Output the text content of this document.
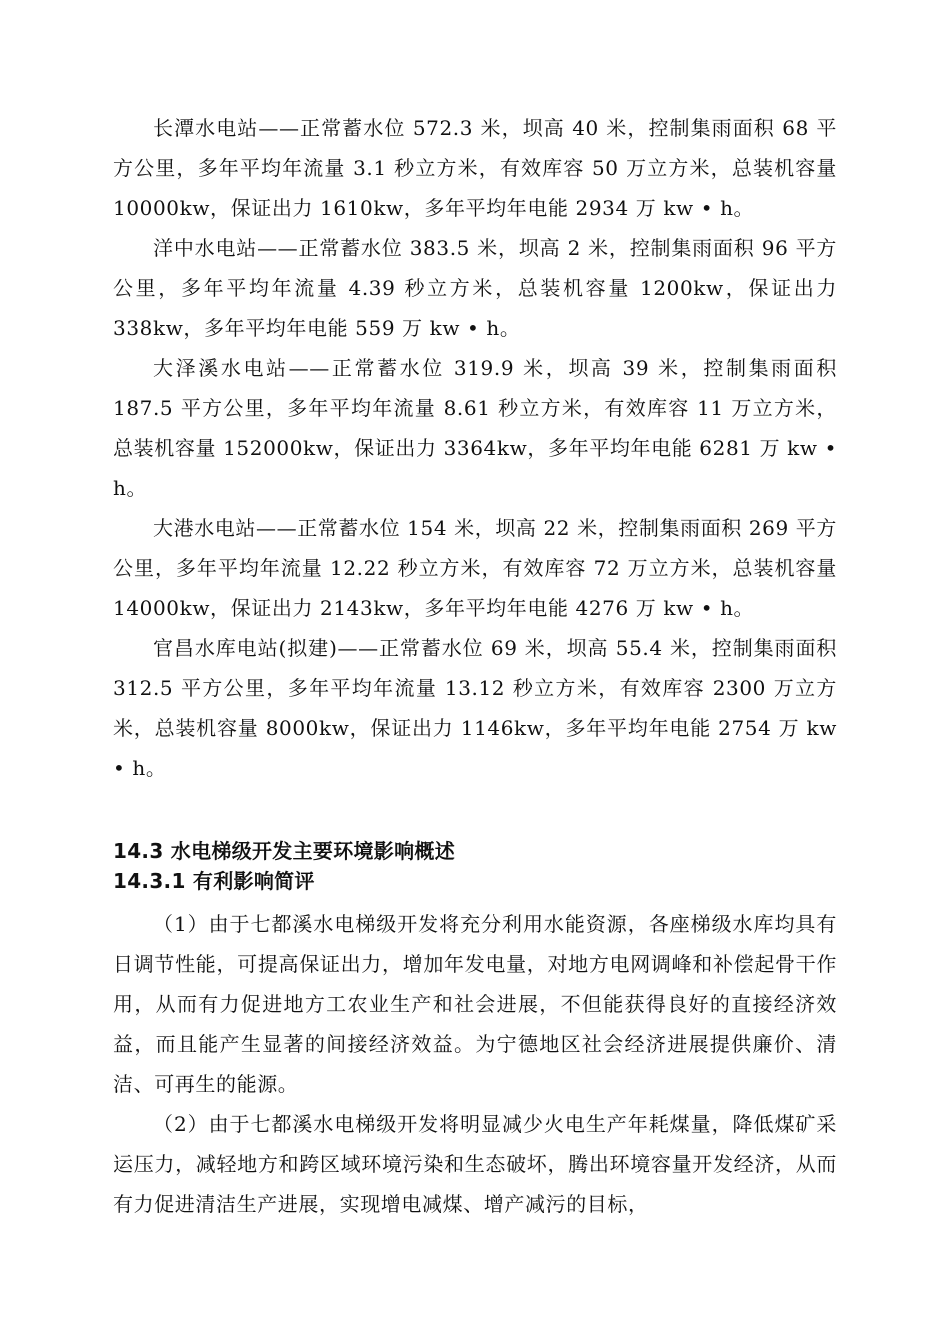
长潭水电站——正常蓄水位 572.3 米，坝高 40 米，控制集雨面积 68 平方公里，多年平均年流量 3.1 秒立方米，有效库容 50 万立方米，总装机容量 10000kw，保证出力 1610kw，多年平均年电能 2934 万 kw • h。

洋中水电站——正常蓄水位 383.5 米，坝高 2 米，控制集雨面积 96 平方公里，多年平均年流量 4.39 秒立方米，总装机容量 1200kw，保证出力 338kw，多年平均年电能 559 万 kw • h。

大泽溪水电站——正常蓄水位 319.9 米，坝高 39 米，控制集雨面积 187.5 平方公里，多年平均年流量 8.61 秒立方米，有效库容 11 万立方米，总装机容量 152000kw，保证出力 3364kw，多年平均年电能 6281 万 kw • h。

大港水电站——正常蓄水位 154 米，坝高 22 米，控制集雨面积 269 平方公里，多年平均年流量 12.22 秒立方米，有效库容 72 万立方米，总装机容量 14000kw，保证出力 2143kw，多年平均年电能 4276 万 kw • h。

官昌水库电站(拟建)——正常蓄水位 69 米，坝高 55.4 米，控制集雨面积 312.5 平方公里，多年平均年流量 13.12 秒立方米，有效库容 2300 万立方米，总装机容量 8000kw，保证出力 1146kw，多年平均年电能 2754 万 kw • h。

14.3 水电梯级开发主要环境影响概述
14.3.1 有利影响简评

（1）由于七都溪水电梯级开发将充分利用水能资源，各座梯级水库均具有日调节性能，可提高保证出力，增加年发电量，对地方电网调峰和补偿起骨干作用，从而有力促进地方工农业生产和社会进展，不但能获得良好的直接经济效益，而且能产生显著的间接经济效益。为宁德地区社会经济进展提供廉价、清洁、可再生的能源。

（2）由于七都溪水电梯级开发将明显减少火电生产年耗煤量，降低煤矿采运压力，减轻地方和跨区域环境污染和生态破坏，腾出环境容量开发经济，从而有力促进清洁生产进展，实现增电减煤、增产减污的目标，
